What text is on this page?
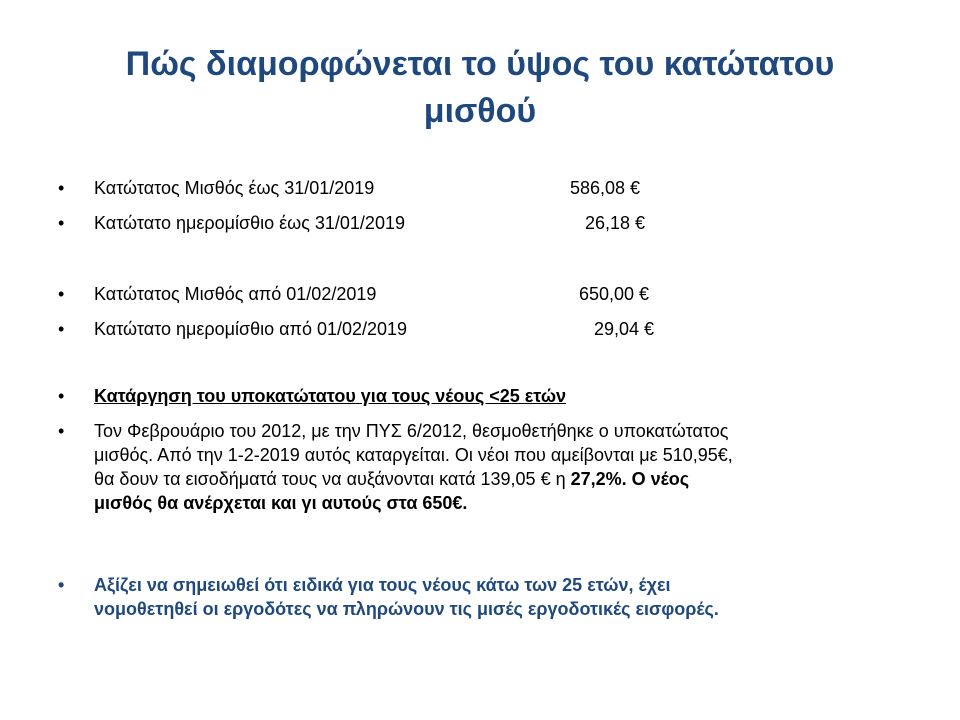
Πώς διαμορφώνεται το ύψος του κατώτατου
μισθού
• Κατώτατος Μισθός έως 31/01/2019	586,08 €
• Κατώτατο ημερομίσθιο έως 31/01/2019	26,18 €
• Κατώτατος Μισθός από 01/02/2019	650,00 €
• Κατώτατο ημερομίσθιο από 01/02/2019	29,04 €
• Κατάργηση του υποκατώτατου για τους νέους <25 ετών
• Τον Φεβρουάριο του 2012, με την ΠΥΣ 6/2012, θεσμοθετήθηκε ο υποκατώτατος
μισθός. Από την 1-2-2019 αυτός καταργείται. Οι νέοι που αμείβονται με 510,95€,
θα δουν τα εισοδήματά τους να αυξάνονται κατά 139,05 € η 27,2%. Ο νέος
μισθός θα ανέρχεται και γι αυτούς στα 650€.
• Αξίζει να σημειωθεί ότι ειδικά για τους νέους κάτω των 25 ετών, έχει
νομοθετηθεί οι εργοδότες να πληρώνουν τις μισές εργοδοτικές εισφορές.
